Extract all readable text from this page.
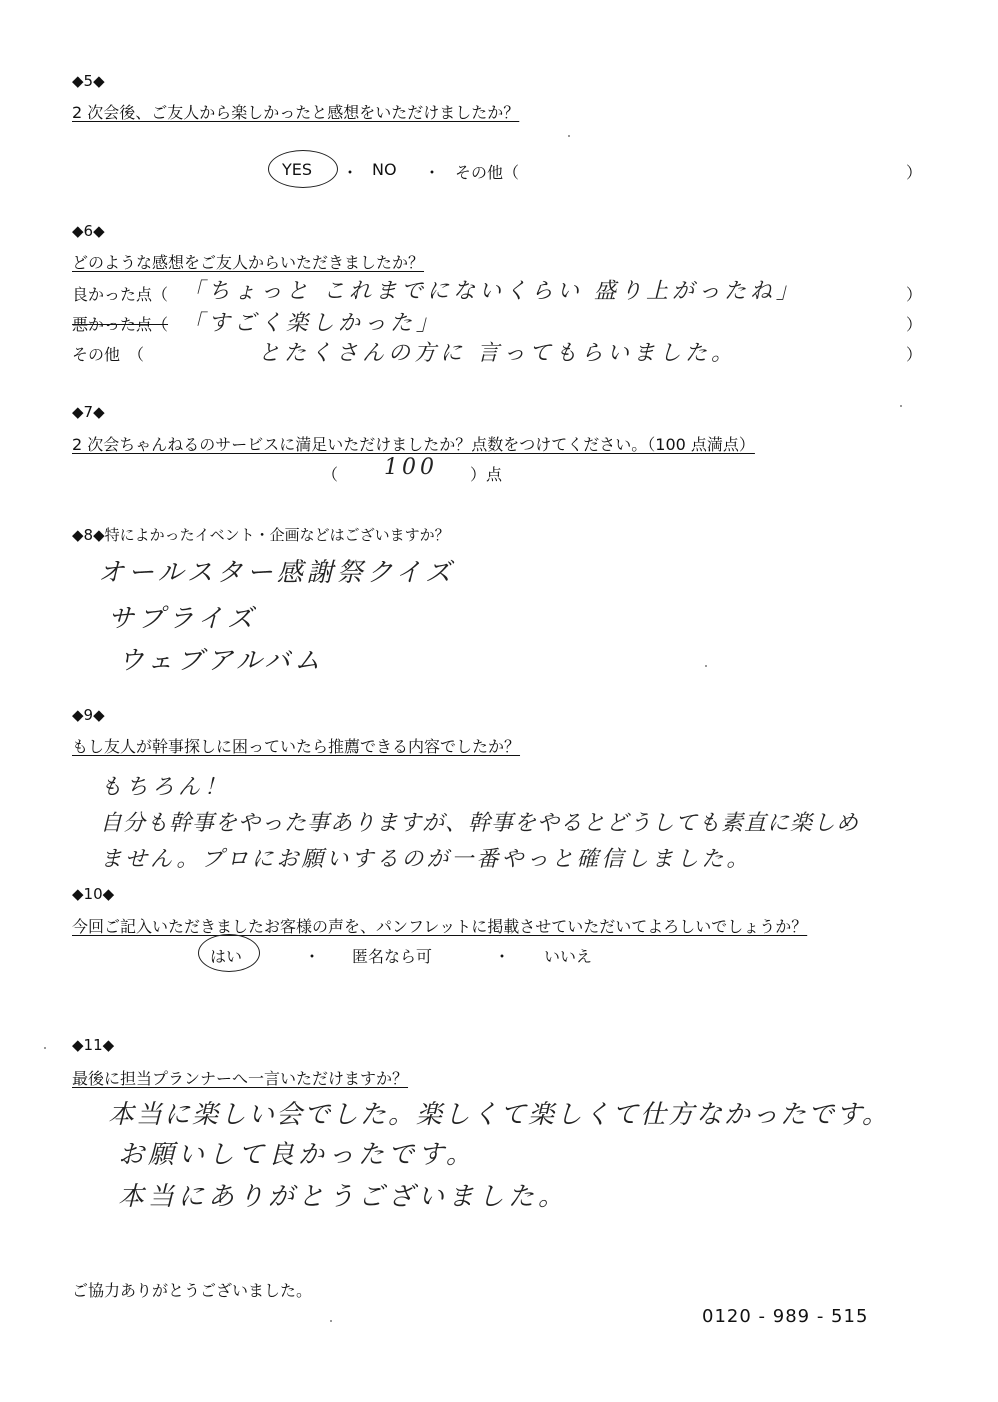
◆5◆
2 次会後、ご友人から楽しかったと感想をいただけましたか？
YES ・ NO ・ その他（	）
◆6◆
どのような感想をご友人からいただきましたか？
良かった点（ 「ちょっと これまでにないくらい 盛り上がったね」	）
悪かった点（ 「すごく楽しかった」	）
その他　（	とたくさんの方に 言ってもらいました。	）
◆7◆
2 次会ちゃんねるのサービスに満足いただけましたか？点数をつけてください。（100 点満点）
（ 100 ）点
◆8◆特によかったイベント・企画などはございますか？
オールスター感謝祭クイズ
サプライズ
ウェブアルバム
◆9◆
もし友人が幹事探しに困っていたら推薦できる内容でしたか？
もちろん！
自分も幹事をやった事ありますが、幹事をやるとどうしても素直に楽しめ
ません。プロにお願いするのが一番やっと確信しました。
◆10◆
今回ご記入いただきましたお客様の声を、パンフレットに掲載させていただいてよろしいでしょうか？
はい	・ 匿名なら可	・ いいえ
◆11◆
最後に担当プランナーへ一言いただけますか？
本当に楽しい会でした。楽しくて楽しくて仕方なかったです。
お願いして良かったです。
本当にありがとうございました。
ご協力ありがとうございました。
0120 - 989 - 515
